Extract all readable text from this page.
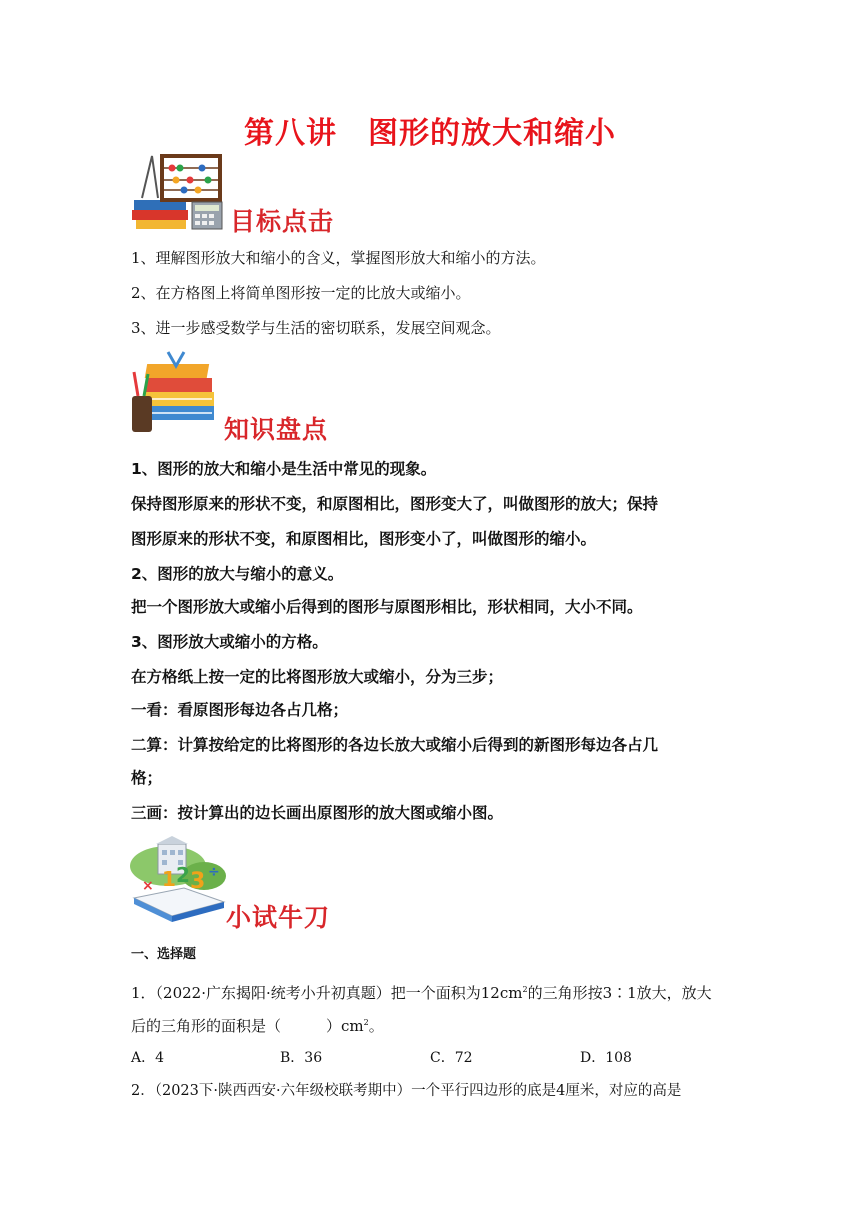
第八讲　图形的放大和缩小
目标点击
1、理解图形放大和缩小的含义，掌握图形放大和缩小的方法。
2、在方格图上将简单图形按一定的比放大或缩小。
3、进一步感受数学与生活的密切联系，发展空间观念。
知识盘点
1、图形的放大和缩小是生活中常见的现象。
保持图形原来的形状不变，和原图相比，图形变大了，叫做图形的放大；保持
图形原来的形状不变，和原图相比，图形变小了，叫做图形的缩小。
2、图形的放大与缩小的意义。
把一个图形放大或缩小后得到的图形与原图形相比，形状相同，大小不同。
3、图形放大或缩小的方格。
在方格纸上按一定的比将图形放大或缩小，分为三步；
一看：看原图形每边各占几格；
二算：计算按给定的比将图形的各边长放大或缩小后得到的新图形每边各占几
格；
三画：按计算出的边长画出原图形的放大图或缩小图。
1 2 3 ÷
×
小试牛刀
一、选择题
1．（2022·广东揭阳·统考小升初真题）把一个面积为$12cm^2$的三角形按3∶1放大，放大
后的三角形的面积是（　　　）$cm^2$。
A．4	B．36	C．72	D．108
2．（2023下·陕西西安·六年级校联考期中）一个平行四边形的底是4厘米，对应的高是
